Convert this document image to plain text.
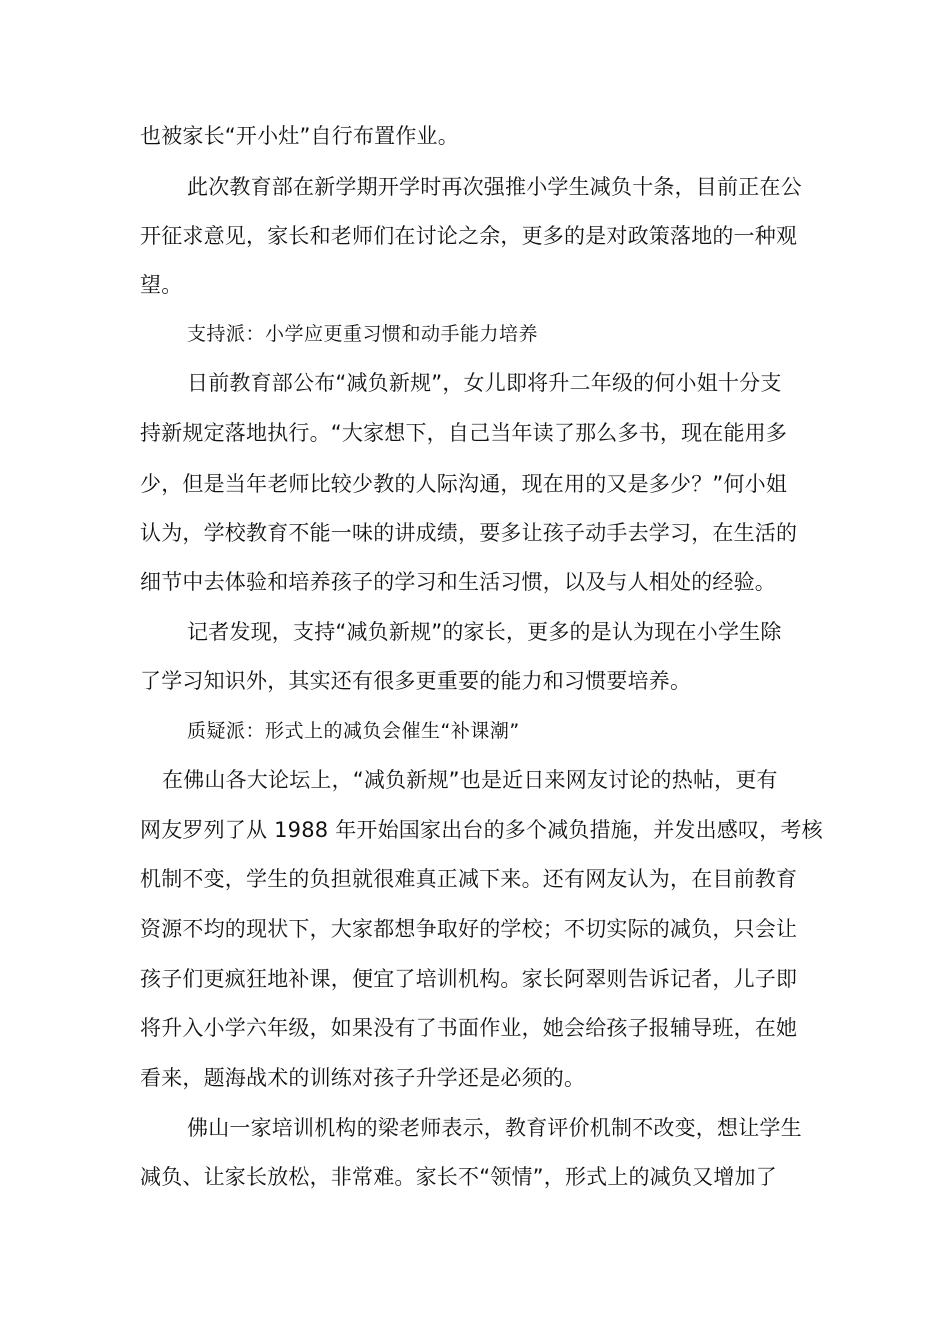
也被家长“开小灶”自行布置作业。
此次教育部在新学期开学时再次强推小学生减负十条，目前正在公
开征求意见，家长和老师们在讨论之余，更多的是对政策落地的一种观
望。
支持派：小学应更重习惯和动手能力培养
日前教育部公布“减负新规”，女儿即将升二年级的何小姐十分支
持新规定落地执行。“大家想下，自己当年读了那么多书，现在能用多
少，但是当年老师比较少教的人际沟通，现在用的又是多少？”何小姐
认为，学校教育不能一味的讲成绩，要多让孩子动手去学习，在生活的
细节中去体验和培养孩子的学习和生活习惯，以及与人相处的经验。
记者发现，支持“减负新规”的家长，更多的是认为现在小学生除
了学习知识外，其实还有很多更重要的能力和习惯要培养。
质疑派：形式上的减负会催生“补课潮”
在佛山各大论坛上，“减负新规”也是近日来网友讨论的热帖，更有
网友罗列了从 1988 年开始国家出台的多个减负措施，并发出感叹，考核
机制不变，学生的负担就很难真正减下来。还有网友认为，在目前教育
资源不均的现状下，大家都想争取好的学校；不切实际的减负，只会让
孩子们更疯狂地补课，便宜了培训机构。家长阿翠则告诉记者，儿子即
将升入小学六年级，如果没有了书面作业，她会给孩子报辅导班，在她
看来，题海战术的训练对孩子升学还是必须的。
佛山一家培训机构的梁老师表示，教育评价机制不改变，想让学生
减负、让家长放松，非常难。家长不“领情”，形式上的减负又增加了
